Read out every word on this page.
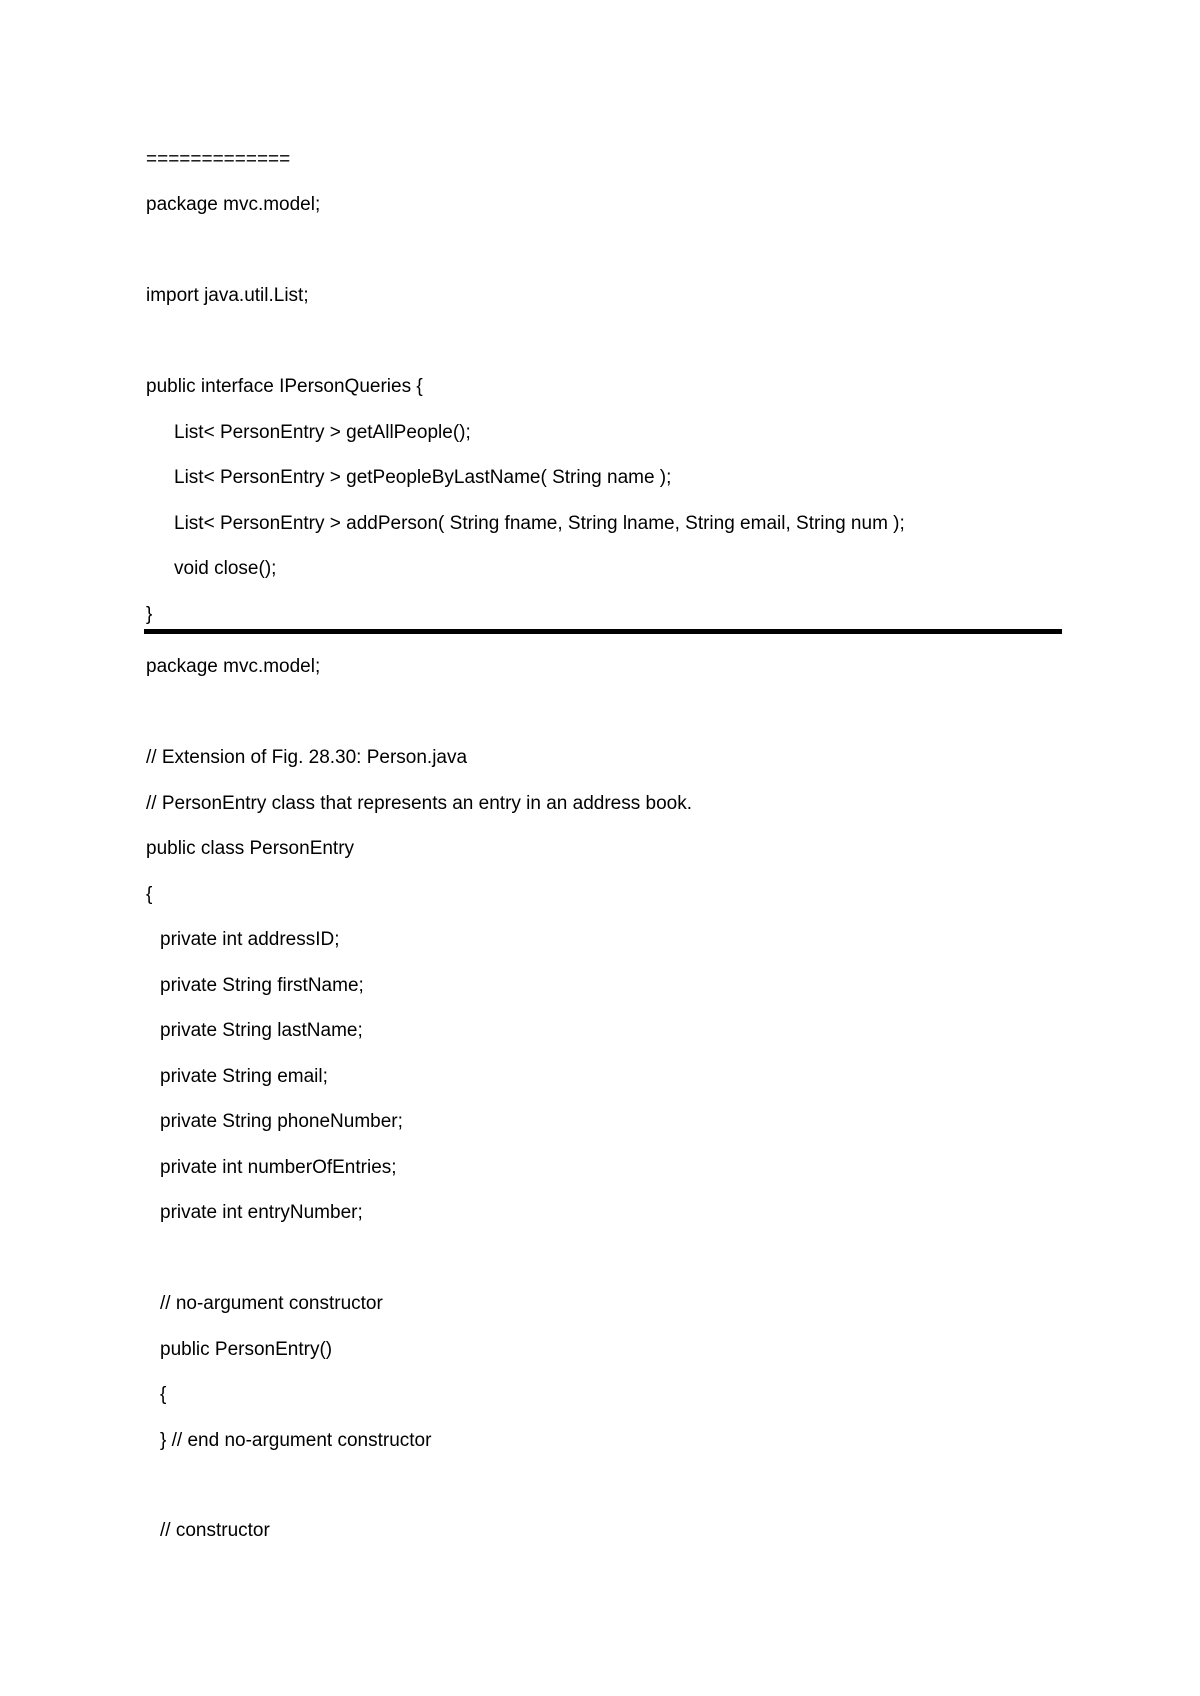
=============
package mvc.model;
import java.util.List;
public interface IPersonQueries {
List< PersonEntry > getAllPeople();
List< PersonEntry > getPeopleByLastName( String name );
List< PersonEntry > addPerson( String fname, String lname, String email, String num );
void close();
}
package mvc.model;
// Extension of Fig. 28.30: Person.java
// PersonEntry class that represents an entry in an address book.
public class PersonEntry
{
private int addressID;
private String firstName;
private String lastName;
private String email;
private String phoneNumber;
private int numberOfEntries;
private int entryNumber;
// no-argument constructor
public PersonEntry()
{
} // end no-argument constructor
// constructor
